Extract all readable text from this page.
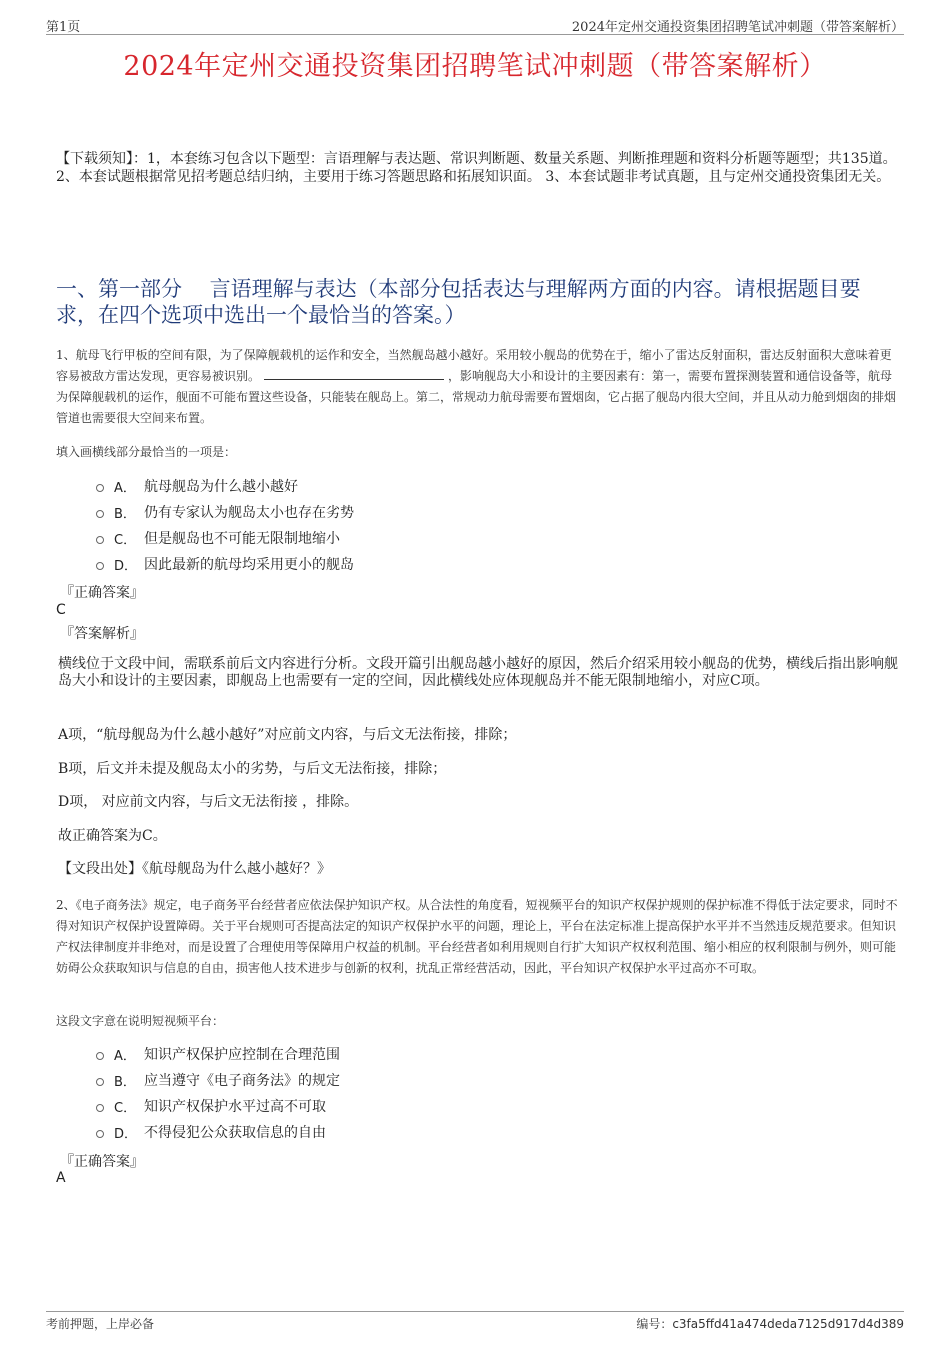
第1页	2024年定州交通投资集团招聘笔试冲刺题（带答案解析）
2024年定州交通投资集团招聘笔试冲刺题（带答案解析）
【下载须知】：1，本套练习包含以下题型：言语理解与表达题、常识判断题、数量关系题、判断推理题和资料分析题等题型；共135道。 2、本套试题根据常见招考题总结归纳，主要用于练习答题思路和拓展知识面。 3、本套试题非考试真题，且与定州交通投资集团无关。
一、第一部分　 言语理解与表达（本部分包括表达与理解两方面的内容。请根据题目要求，在四个选项中选出一个最恰当的答案。）
1、航母飞行甲板的空间有限，为了保障舰载机的运作和安全，当然舰岛越小越好。采用较小舰岛的优势在于，缩小了雷达反射面积，雷达反射面积大意味着更容易被敌方雷达发现，更容易被识别。	，影响舰岛大小和设计的主要因素有：第一，需要布置探测装置和通信设备等，航母为保障舰载机的运作，舰面不可能布置这些设备，只能装在舰岛上。第二，常规动力航母需要布置烟囱，它占据了舰岛内很大空间，并且从动力舱到烟囱的排烟管道也需要很大空间来布置。
填入画横线部分最恰当的一项是：
A． 航母舰岛为什么越小越好
B． 仍有专家认为舰岛太小也存在劣势
C． 但是舰岛也不可能无限制地缩小
D． 因此最新的航母均采用更小的舰岛
『正确答案』
C
『答案解析』
横线位于文段中间，需联系前后文内容进行分析。文段开篇引出舰岛越小越好的原因，然后介绍采用较小舰岛的优势，横线后指出影响舰岛大小和设计的主要因素，即舰岛上也需要有一定的空间，因此横线处应体现舰岛并不能无限制地缩小，对应C项。
A项，“航母舰岛为什么越小越好”对应前文内容，与后文无法衔接，排除；
B项，后文并未提及舰岛太小的劣势，与后文无法衔接，排除；
D项， 对应前文内容，与后文无法衔接 ，排除。
故正确答案为C。
【文段出处】《航母舰岛为什么越小越好？》
2、《电子商务法》规定，电子商务平台经营者应依法保护知识产权。从合法性的角度看，短视频平台的知识产权保护规则的保护标准不得低于法定要求，同时不得对知识产权保护设置障碍。关于平台规则可否提高法定的知识产权保护水平的问题，理论上，平台在法定标准上提高保护水平并不当然违反规范要求。但知识产权法律制度并非绝对，而是设置了合理使用等保障用户权益的机制。平台经营者如利用规则自行扩大知识产权权利范围、缩小相应的权利限制与例外，则可能妨碍公众获取知识与信息的自由，损害他人技术进步与创新的权利，扰乱正常经营活动，因此，平台知识产权保护水平过高亦不可取。
这段文字意在说明短视频平台：
A． 知识产权保护应控制在合理范围
B． 应当遵守《电子商务法》的规定
C． 知识产权保护水平过高不可取
D． 不得侵犯公众获取信息的自由
『正确答案』
A
考前押题，上岸必备	编号：c3fa5ffd41a474deda7125d917d4d389
